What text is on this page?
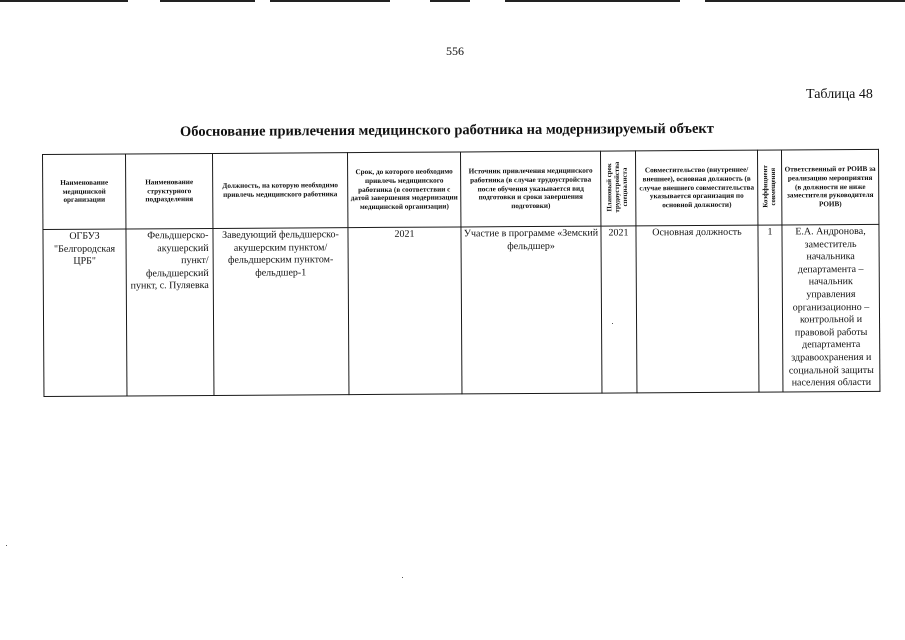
556
Таблица 48
Обоснование привлечения медицинского работника на модернизируемый объект
Наименование медицинской организации	Наименование структурного подразделения	Должность, на которую необходимо привлечь медицинского работника	Срок, до которого необходимо привлечь медицинского работника (в соответствии с датой завершения модернизации медицинской организации)	Источник привлечения медицинского работника (в случае трудоустройства после обучения указывается вид подготовки и сроки завершения подготовки)	Плановый срок трудоустройства специалиста	Совместительство (внутреннее/ внешнее), основная должность (в случае внешнего совместительства указывается организация по основной должности)	Коэффициент совмещения	Ответственный от РОИВ за реализацию мероприятия (в должности не ниже заместителя руководителя РОИВ)
ОГБУЗ "Белгородская ЦРБ"	Фельдшерско-акушерский пункт/фельдшерский пункт, с. Пуляевка	Заведующий фельдшерско-акушерским пунктом/фельдшерским пунктом- фельдшер-1	2021	Участие в программе «Земский фельдшер»	2021	Основная должность	1	Е.А. Андронова, заместитель начальника департамента – начальник управления организационно – контрольной и правовой работы департамента здравоохранения и социальной защиты населения области
